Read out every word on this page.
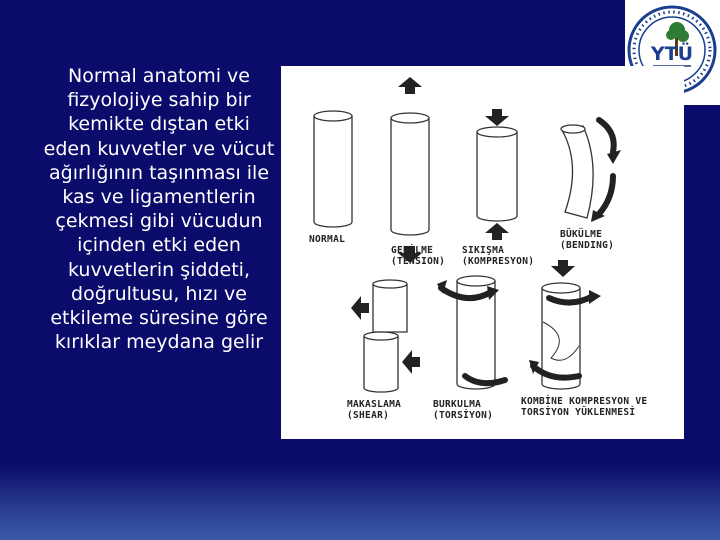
Normal anatomi ve fizyolojiye sahip bir kemikte dıştan etki eden kuvvetler ve vücut ağırlığının taşınması ile kas ve ligamentlerin çekmesi gibi vücudun içinden etki eden kuvvetlerin şiddeti, doğrultusu, hızı ve etkileme süresine göre kırıklar meydana gelir
YTÜ
NORMAL
GERİLME
(TENSION)
SIKIŞMA
(KOMPRESYON)
BÜKÜLME
(BENDING)
MAKASLAMA
(SHEAR)
BURKULMA
(TORSİYON)
KOMBİNE KOMPRESYON VE
TORSİYON YÜKLENMESİ
